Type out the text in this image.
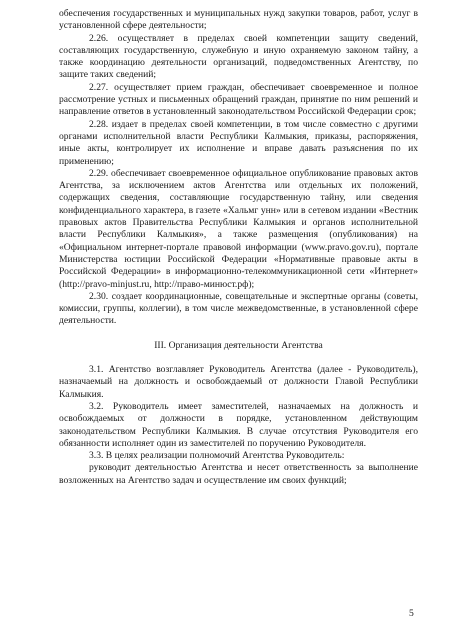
обеспечения государственных и муниципальных нужд закупки товаров, работ, услуг в установленной сфере деятельности;

2.26. осуществляет в пределах своей компетенции защиту сведений, составляющих государственную, служебную и иную охраняемую законом тайну, а также координацию деятельности организаций, подведомственных Агентству, по защите таких сведений;

2.27. осуществляет прием граждан, обеспечивает своевременное и полное рассмотрение устных и письменных обращений граждан, принятие по ним решений и направление ответов в установленный законодательством Российской Федерации срок;

2.28. издает в пределах своей компетенции, в том числе совместно с другими органами исполнительной власти Республики Калмыкия, приказы, распоряжения, иные акты, контролирует их исполнение и вправе давать разъяснения по их применению;

2.29. обеспечивает своевременное официальное опубликование правовых актов Агентства, за исключением актов Агентства или отдельных их положений, содержащих сведения, составляющие государственную тайну, или сведения конфиденциального характера, в газете «Хальмг унн» или в сетевом издании «Вестник правовых актов Правительства Республики Калмыкия и органов исполнительной власти Республики Калмыкия», а также размещения (опубликования) на «Официальном интернет-портале правовой информации (www.pravo.gov.ru), портале Министерства юстиции Российской Федерации «Нормативные правовые акты в Российской Федерации» в информационно-телекоммуникационной сети «Интернет» (http://pravo-minjust.ru, http://право-минюст.рф);

2.30. создает координационные, совещательные и экспертные органы (советы, комиссии, группы, коллегии), в том числе межведомственные, в установленной сфере деятельности.

III. Организация деятельности Агентства

3.1. Агентство возглавляет Руководитель Агентства (далее - Руководитель), назначаемый на должность и освобождаемый от должности Главой Республики Калмыкия.

3.2. Руководитель имеет заместителей, назначаемых на должность и освобождаемых от должности в порядке, установленном действующим законодательством Республики Калмыкия. В случае отсутствия Руководителя его обязанности исполняет один из заместителей по поручению Руководителя.

3.3. В целях реализации полномочий Агентства Руководитель:

руководит деятельностью Агентства и несет ответственность за выполнение возложенных на Агентство задач и осуществление им своих функций;

5
